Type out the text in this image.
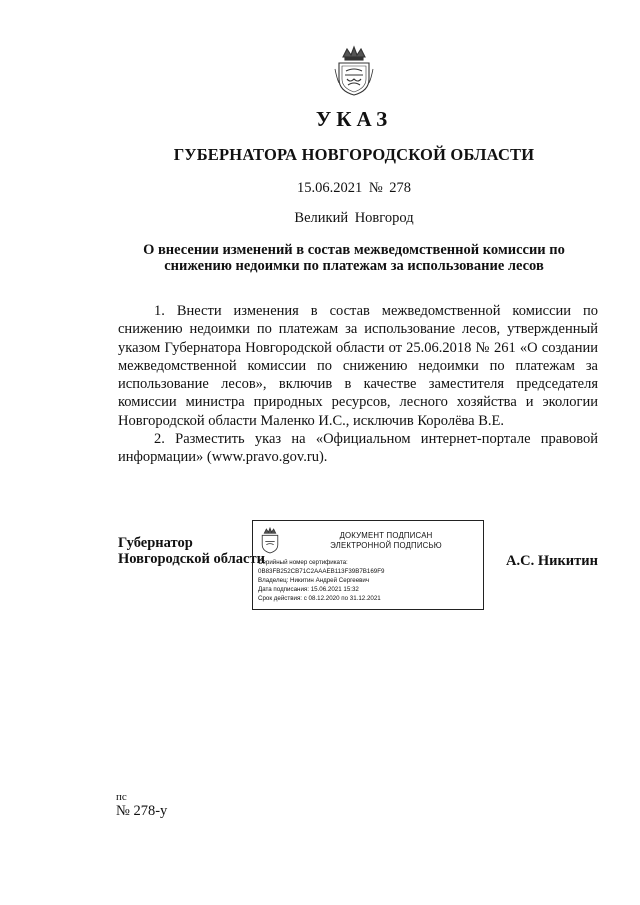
УКАЗ
ГУБЕРНАТОРА НОВГОРОДСКОЙ ОБЛАСТИ
15.06.2021 № 278
Великий Новгород
О внесении изменений в состав межведомственной комиссии по
снижению недоимки по платежам за использование лесов

1. Внести изменения в состав межведомственной комиссии по снижению недоимки по платежам за использование лесов, утвержденный указом Губернатора Новгородской области от 25.06.2018 № 261 «О создании межведомственной комиссии по снижению недоимки по платежам за использование лесов», включив в качестве заместителя председателя комиссии министра природных ресурсов, лесного хозяйства и экологии Новгородской области Маленко И.С., исключив Королёва В.Е.

2. Разместить указ на «Официальном интернет-портале правовой информации» (www.pravo.gov.ru).

Губернатор
Новгородской области
ДОКУМЕНТ ПОДПИСАН
ЭЛЕКТРОННОЙ ПОДПИСЬЮ
Серийный номер сертификата:
0B83FB252CB71C2AAAEB113F39B7B169F9
Владелец: Никитин Андрей Сергеевич
Дата подписания: 15.06.2021 15:32
Срок действия: с 08.12.2020 по 31.12.2021
А.С. Никитин
пс
№ 278-у
